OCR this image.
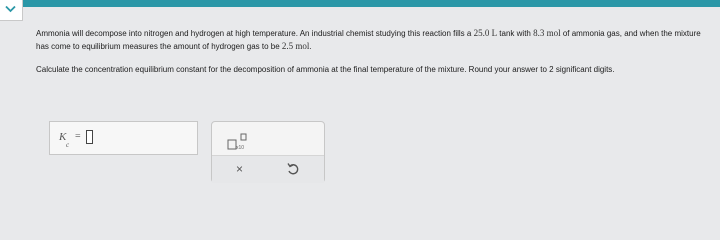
Ammonia will decompose into nitrogen and hydrogen at high temperature. An industrial chemist studying this reaction fills a 25.0 L tank with 8.3 mol of ammonia gas, and when the mixture has come to equilibrium measures the amount of hydrogen gas to be 2.5 mol.

Calculate the concentration equilibrium constant for the decomposition of ammonia at the final temperature of the mixture. Round your answer to 2 significant digits.

K
c
=
x10
×
